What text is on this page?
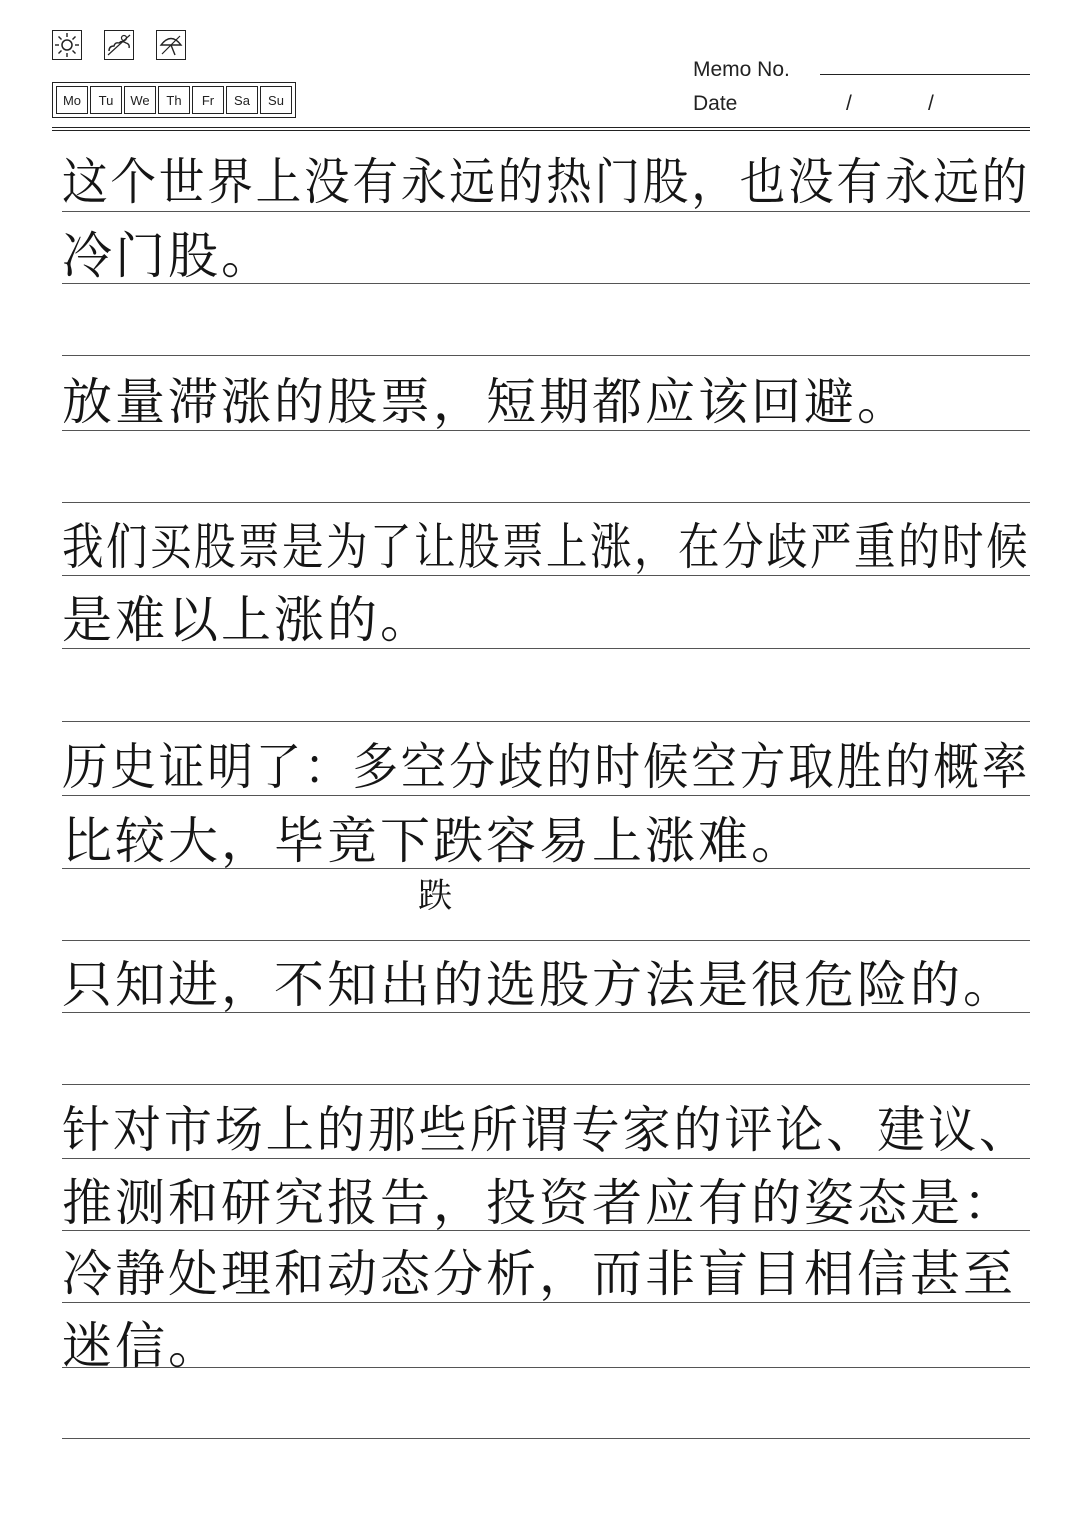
Mo	Tu	We	Th	Fr	Sa	Su
Memo No.
Date	/	/
这个世界上没有永远的热门股，也没有永远的
冷门股。
放量滞涨的股票，短期都应该回避。
我们买股票是为了让股票上涨，在分歧严重的时候
是难以上涨的。
历史证明了：多空分歧的时候空方取胜的概率
比较大，毕竟下跌容易上涨难。
跌
只知进，不知出的选股方法是很危险的。
针对市场上的那些所谓专家的评论、建议、
推测和研究报告，投资者应有的姿态是：
冷静处理和动态分析，而非盲目相信甚至
迷信。
